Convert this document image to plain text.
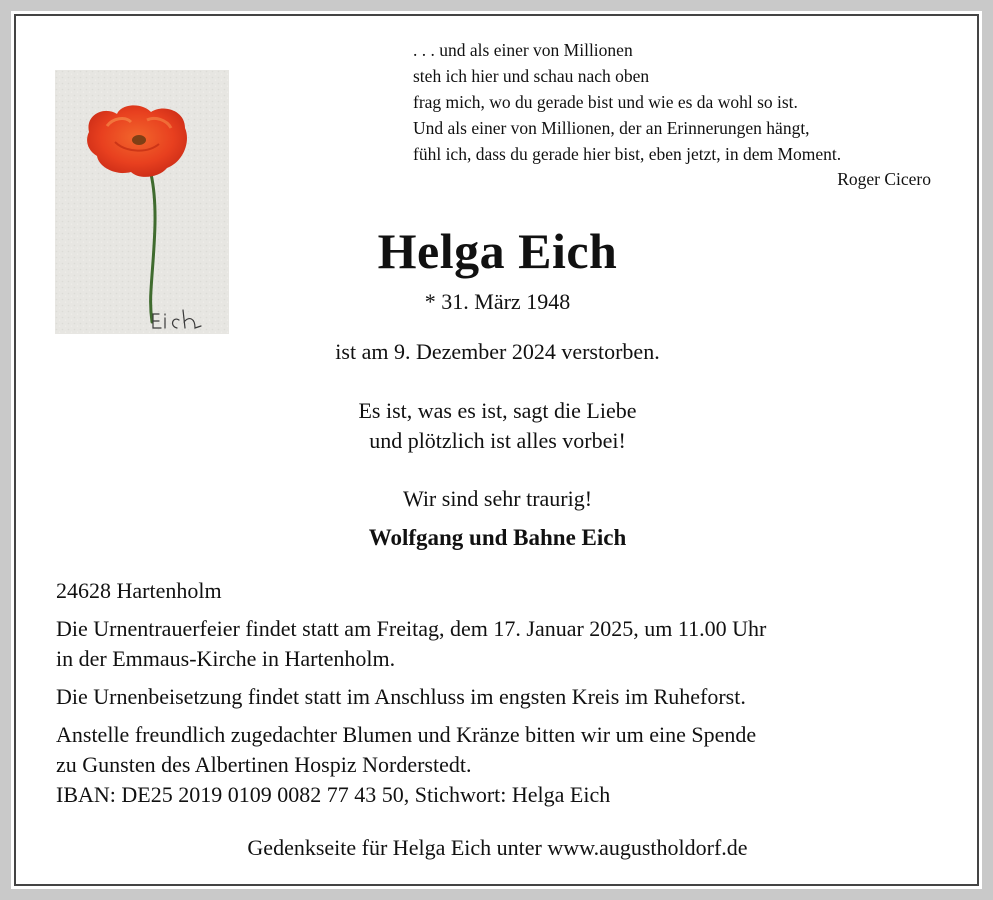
. . . und als einer von Millionen
steh ich hier und schau nach oben
frag mich, wo du gerade bist und wie es da wohl so ist.
Und als einer von Millionen, der an Erinnerungen hängt,
fühl ich, dass du gerade hier bist, eben jetzt, in dem Moment.
Roger Cicero
Helga Eich
* 31. März 1948
ist am 9. Dezember 2024 verstorben.
Es ist, was es ist, sagt die Liebe
und plötzlich ist alles vorbei!
Wir sind sehr traurig!
Wolfgang und Bahne Eich

24628 Hartenholm

Die Urnentrauerfeier findet statt am Freitag, dem 17. Januar 2025, um 11.00 Uhr

in der Emmaus-Kirche in Hartenholm.

Die Urnenbeisetzung findet statt im Anschluss im engsten Kreis im Ruheforst.

Anstelle freundlich zugedachter Blumen und Kränze bitten wir um eine Spende

zu Gunsten des Albertinen Hospiz Norderstedt.

IBAN: DE25 2019 0109 0082 77 43 50, Stichwort: Helga Eich

Gedenkseite für Helga Eich unter www.augustholdorf.de
